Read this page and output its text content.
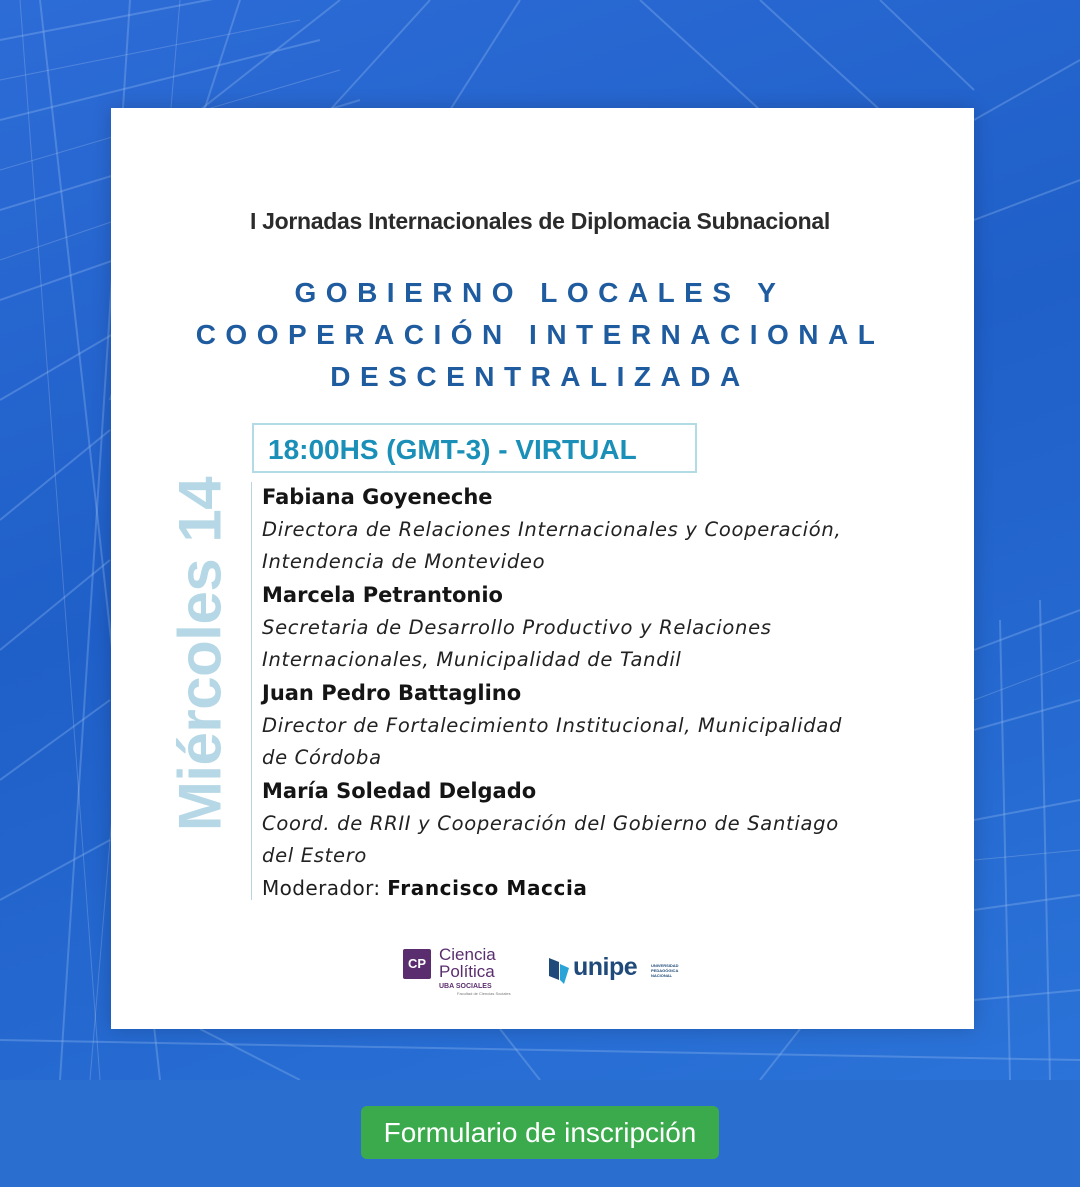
I Jornadas Internacionales de Diplomacia Subnacional
GOBIERNO LOCALES Y
COOPERACIÓN INTERNACIONAL
DESCENTRALIZADA
18:00HS (GMT-3) - VIRTUAL
Miércoles 14 Fabiana Goyeneche
Directora de Relaciones Internacionales y Cooperación,
Intendencia de Montevideo
Marcela Petrantonio
Secretaria de Desarrollo Productivo y Relaciones
Internacionales, Municipalidad de Tandil
Juan Pedro Battaglino
Director de Fortalecimiento Institucional, Municipalidad
de Córdoba
María Soledad Delgado
Coord. de RRII y Cooperación del Gobierno de Santiago
del Estero
Moderador: Francisco Maccia
CP Ciencia
Política
UBA SOCIALES
Facultad de Ciencias Sociales
unipe	UNIVERSIDAD
PEDAGÓGICA
NACIONAL
Formulario de inscripción
